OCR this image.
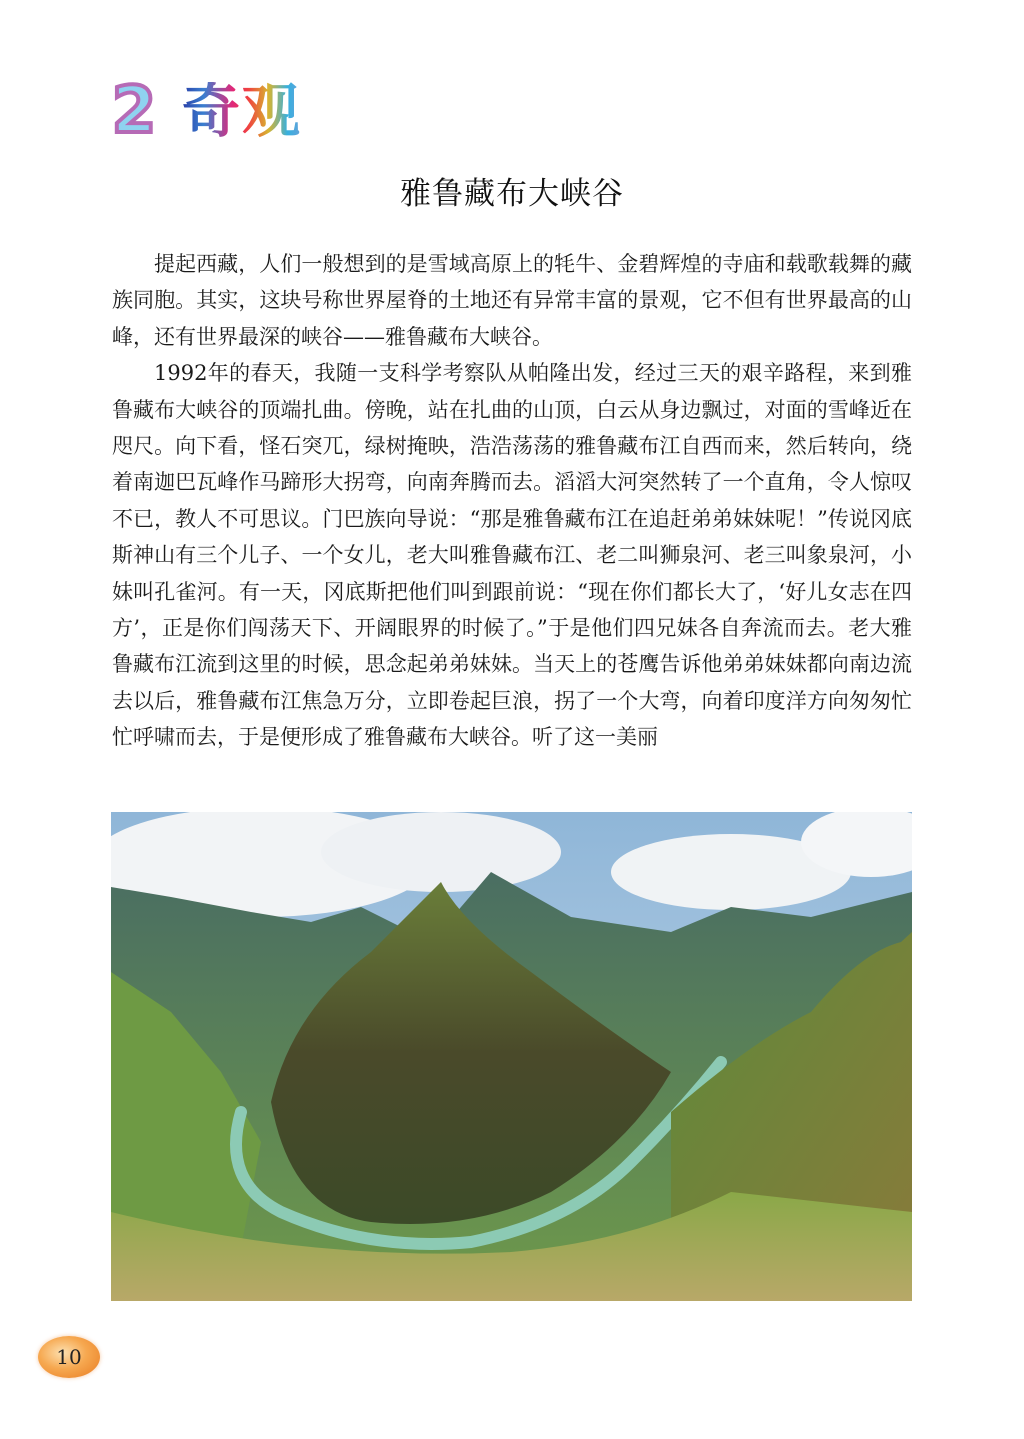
2 奇观
雅鲁藏布大峡谷

提起西藏，人们一般想到的是雪域高原上的牦牛、金碧辉煌的寺庙和载歌载舞的藏族同胞。其实，这块号称世界屋脊的土地还有异常丰富的景观，它不但有世界最高的山峰，还有世界最深的峡谷——雅鲁藏布大峡谷。

1992年的春天，我随一支科学考察队从帕隆出发，经过三天的艰辛路程，来到雅鲁藏布大峡谷的顶端扎曲。傍晚，站在扎曲的山顶，白云从身边飘过，对面的雪峰近在咫尺。向下看，怪石突兀，绿树掩映，浩浩荡荡的雅鲁藏布江自西而来，然后转向，绕着南迦巴瓦峰作马蹄形大拐弯，向南奔腾而去。滔滔大河突然转了一个直角，令人惊叹不已，教人不可思议。门巴族向导说：“那是雅鲁藏布江在追赶弟弟妹妹呢！”传说冈底斯神山有三个儿子、一个女儿，老大叫雅鲁藏布江、老二叫狮泉河、老三叫象泉河，小妹叫孔雀河。有一天，冈底斯把他们叫到跟前说：“现在你们都长大了，‘好儿女志在四方’，正是你们闯荡天下、开阔眼界的时候了。”于是他们四兄妹各自奔流而去。老大雅鲁藏布江流到这里的时候，思念起弟弟妹妹。当天上的苍鹰告诉他弟弟妹妹都向南边流去以后，雅鲁藏布江焦急万分，立即卷起巨浪，拐了一个大弯，向着印度洋方向匆匆忙忙呼啸而去，于是便形成了雅鲁藏布大峡谷。听了这一美丽

10
